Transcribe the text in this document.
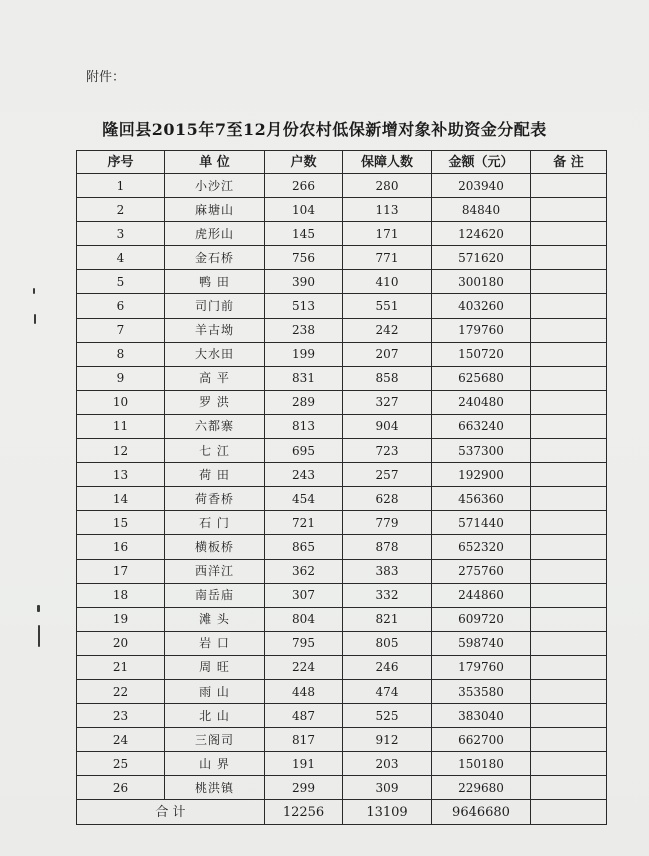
附件：
隆回县2015年7至12月份农村低保新增对象补助资金分配表
序号	单 位	户数	保障人数	金额（元）	备 注
1	小沙江	266	280	203940	
2	麻塘山	104	113	84840	
3	虎形山	145	171	124620	
4	金石桥	756	771	571620	
5	鸭 田	390	410	300180	
6	司门前	513	551	403260	
7	羊古坳	238	242	179760	
8	大水田	199	207	150720	
9	高 平	831	858	625680	
10	罗 洪	289	327	240480	
11	六都寨	813	904	663240	
12	七 江	695	723	537300	
13	荷 田	243	257	192900	
14	荷香桥	454	628	456360	
15	石 门	721	779	571440	
16	横板桥	865	878	652320	
17	西洋江	362	383	275760	
18	南岳庙	307	332	244860	
19	滩 头	804	821	609720	
20	岩 口	795	805	598740	
21	周 旺	224	246	179760	
22	雨 山	448	474	353580	
23	北 山	487	525	383040	
24	三阁司	817	912	662700	
25	山 界	191	203	150180	
26	桃洪镇	299	309	229680	
合 计		12256	13109	9646680	
